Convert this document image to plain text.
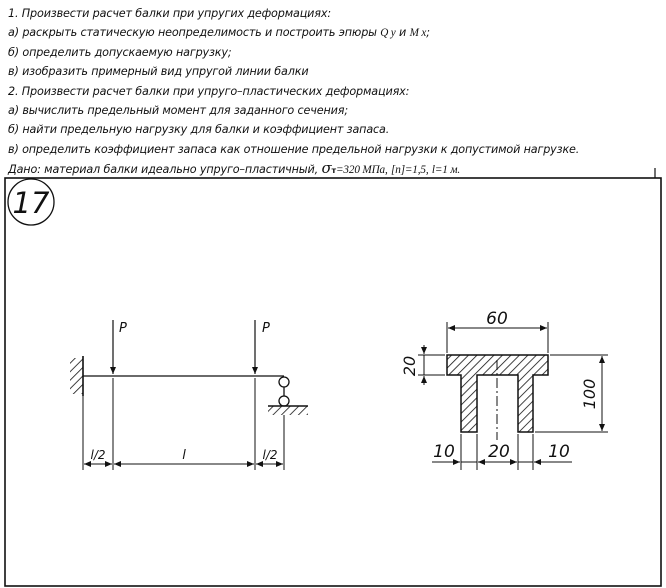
1. Произвести расчет балки при упругих деформациях:
а) раскрыть статическую неопределимость и построить эпюры Q y и M x;
б) определить допускаемую нагрузку;
в) изобразить примерный вид упругой линии балки
2. Произвести расчет балки при упруго–пластических деформациях:
а) вычислить предельный момент для заданного сечения;
б) найти предельную нагрузку для балки и коэффициент запаса.
в) определить коэффициент запаса как отношение предельной нагрузки к допустимой нагрузке.
Дано: материал балки идеально упруго–пластичный, σт=320 МПа, [n]=1,5, l=1 м.
17
P	P
l/2	l	l/2
60
20
100
10 20 10
